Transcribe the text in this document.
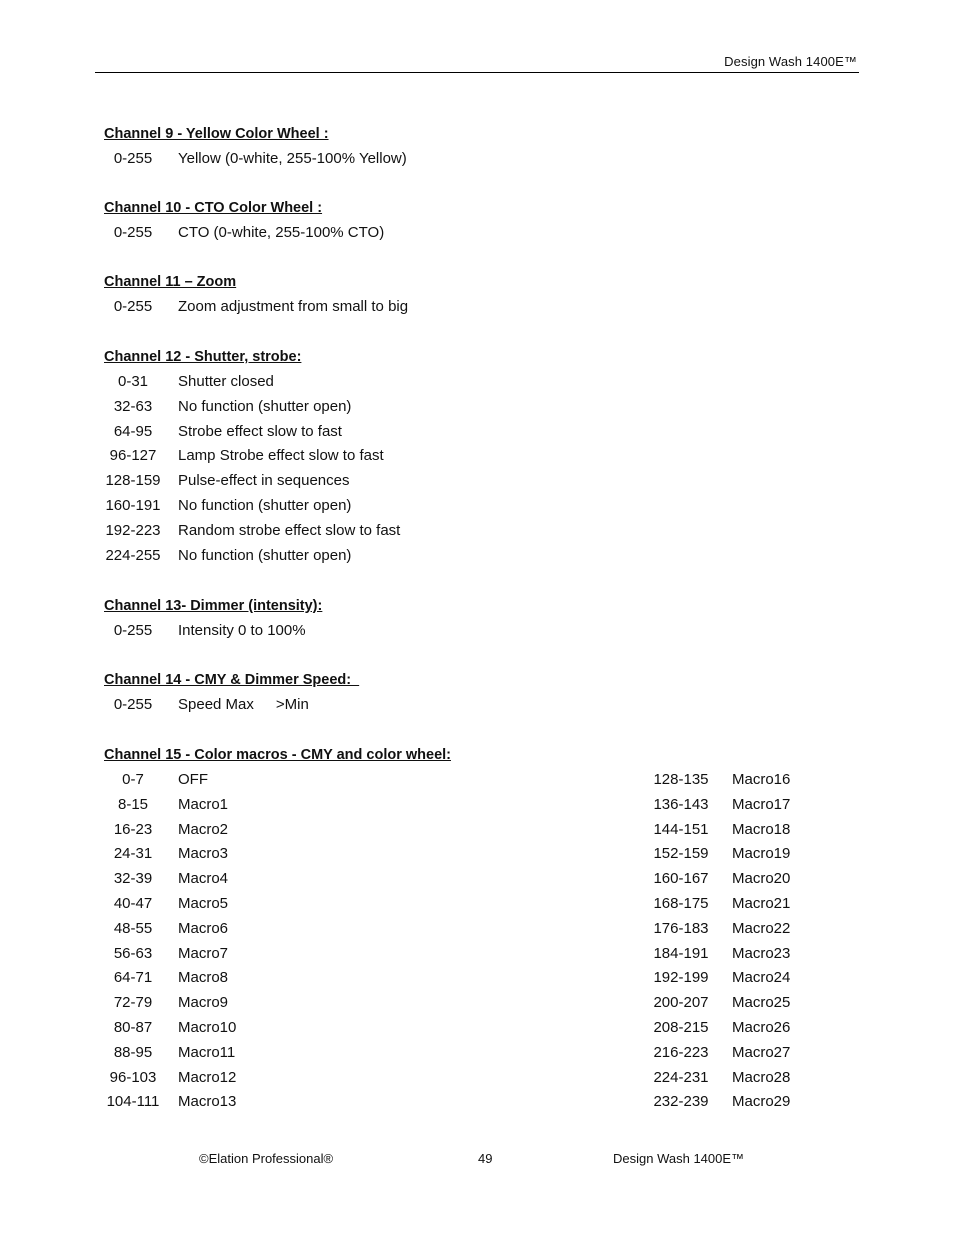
Design Wash 1400E™
Channel 9 - Yellow Color Wheel :
0-255 Yellow (0-white, 255-100% Yellow)
Channel 10 - CTO Color Wheel :
0-255 CTO (0-white, 255-100% CTO)
Channel 11 – Zoom
0-255 Zoom adjustment from small to big
Channel 12 - Shutter, strobe:
0-31 Shutter closed
32-63 No function (shutter open)
64-95 Strobe effect slow to fast
96-127 Lamp Strobe effect slow to fast
128-159 Pulse-effect in sequences
160-191 No function (shutter open)
192-223 Random strobe effect slow to fast
224-255 No function (shutter open)
Channel 13- Dimmer (intensity):
0-255 Intensity 0 to 100%
Channel 14 - CMY & Dimmer Speed:
0-255 Speed Max >Min
Channel 15 - Color macros - CMY and color wheel:
0-7 OFF
8-15 Macro1
16-23 Macro2
24-31 Macro3
32-39 Macro4
40-47 Macro5
48-55 Macro6
56-63 Macro7
64-71 Macro8
72-79 Macro9
80-87 Macro10
88-95 Macro11
96-103 Macro12
104-111 Macro13
128-135 Macro16
136-143 Macro17
144-151 Macro18
152-159 Macro19
160-167 Macro20
168-175 Macro21
176-183 Macro22
184-191 Macro23
192-199 Macro24
200-207 Macro25
208-215 Macro26
216-223 Macro27
224-231 Macro28
232-239 Macro29
©Elation Professional®	49	Design Wash 1400E™
